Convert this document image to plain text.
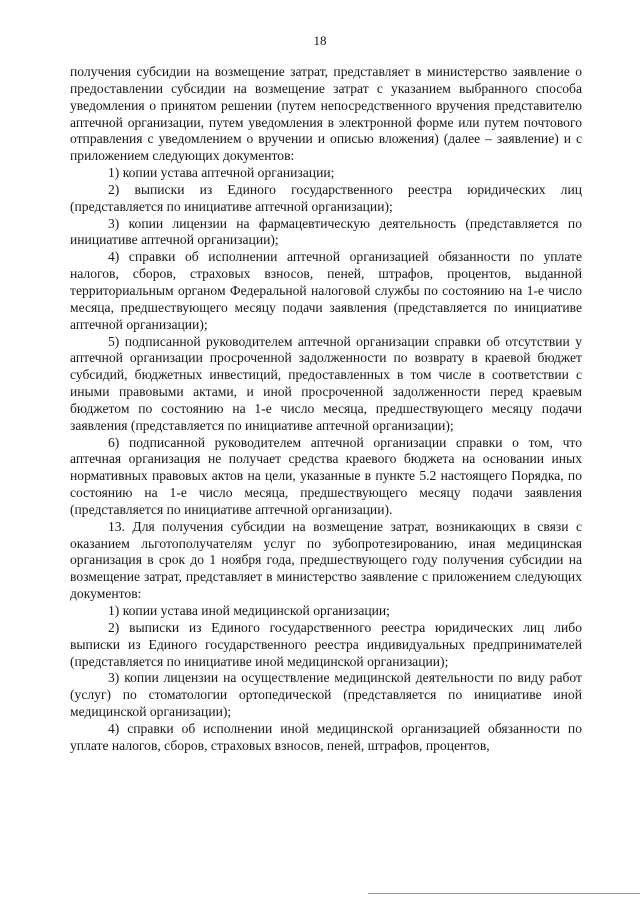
18

получения субсидии на возмещение затрат, представляет в министерство заявление о предоставлении субсидии на возмещение затрат с указанием выбранного способа уведомления о принятом решении (путем непосредственного вручения представителю аптечной организации, путем уведомления в электронной форме или путем почтового отправления с уведомлением о вручении и описью вложения) (далее – заявление) и с приложением следующих документов:

1) копии устава аптечной организации;

2) выписки из Единого государственного реестра юридических лиц (представляется по инициативе аптечной организации);

3) копии лицензии на фармацевтическую деятельность (представляется по инициативе аптечной организации);

4) справки об исполнении аптечной организацией обязанности по уплате налогов, сборов, страховых взносов, пеней, штрафов, процентов, выданной территориальным органом Федеральной налоговой службы по состоянию на 1-е число месяца, предшествующего месяцу подачи заявления (представляется по инициативе аптечной организации);

5) подписанной руководителем аптечной организации справки об отсутствии у аптечной организации просроченной задолженности по возврату в краевой бюджет субсидий, бюджетных инвестиций, предоставленных в том числе в соответствии с иными правовыми актами, и иной просроченной задолженности перед краевым бюджетом по состоянию на 1-е число месяца, предшествующего месяцу подачи заявления (представляется по инициативе аптечной организации);

6) подписанной руководителем аптечной организации справки о том, что аптечная организация не получает средства краевого бюджета на основании иных нормативных правовых актов на цели, указанные в пункте 5.2 настоящего Порядка, по состоянию на 1-е число месяца, предшествующего месяцу подачи заявления (представляется по инициативе аптечной организации).

13. Для получения субсидии на возмещение затрат, возникающих в связи с оказанием льготополучателям услуг по зубопротезированию, иная медицинская организация в срок до 1 ноября года, предшествующего году получения субсидии на возмещение затрат, представляет в министерство заявление с приложением следующих документов:

1) копии устава иной медицинской организации;

2) выписки из Единого государственного реестра юридических лиц либо выписки из Единого государственного реестра индивидуальных предпринимателей (представляется по инициативе иной медицинской организации);

3) копии лицензии на осуществление медицинской деятельности по виду работ (услуг) по стоматологии ортопедической (представляется по инициативе иной медицинской организации);

4) справки об исполнении иной медицинской организацией обязанности по уплате налогов, сборов, страховых взносов, пеней, штрафов, процентов,
